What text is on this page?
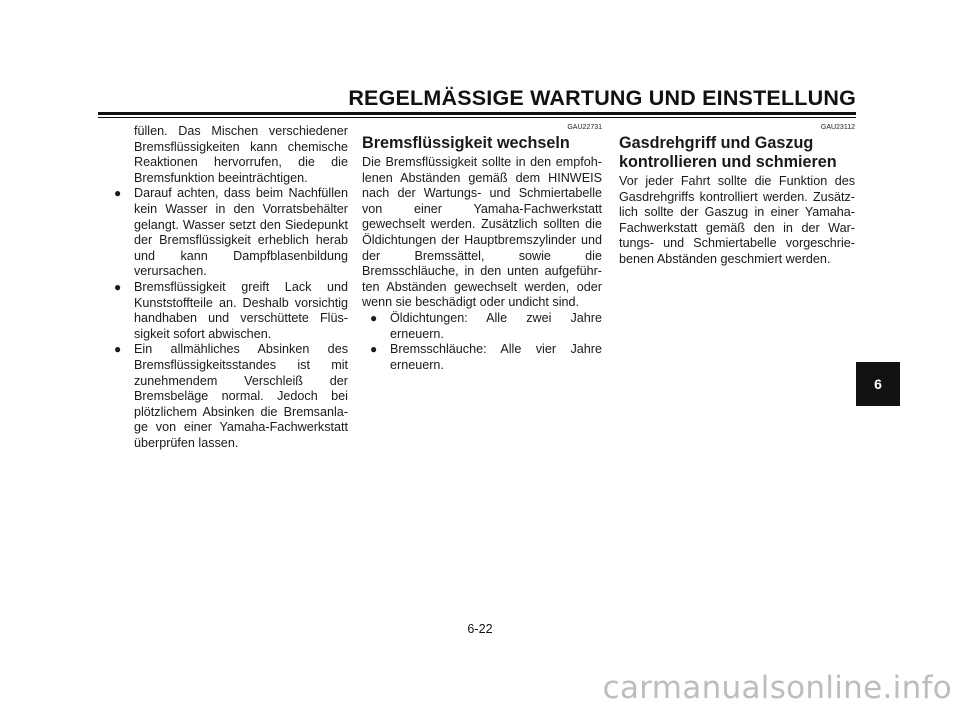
REGELMÄSSIGE WARTUNG UND EINSTELLUNG

füllen. Das Mischen verschiedener Bremsflüssigkeiten kann chemische Reaktionen hervorrufen, die die Bremsfunktion beeinträchtigen.

● Darauf achten, dass beim Nachfüllen kein Wasser in den Vorratsbehälter gelangt. Wasser setzt den Siedepunkt der Bremsflüssigkeit erheblich herab und kann Dampfblasenbildung verursachen.
● Bremsflüssigkeit greift Lack und Kunststoffteile an. Deshalb vorsichtig handhaben und verschüttete Flüssigkeit sofort abwischen.
● Ein allmähliches Absinken des Bremsflüssigkeitsstandes ist mit zunehmendem Verschleiß der Bremsbeläge normal. Jedoch bei plötzlichem Absinken die Bremsanlage von einer Yamaha-Fachwerkstatt überprüfen lassen.
GAU22731
Bremsflüssigkeit wechseln

Die Bremsflüssigkeit sollte in den empfohlenen Abständen gemäß dem HINWEIS nach der Wartungs- und Schmiertabelle von einer Yamaha-Fachwerkstatt gewechselt werden. Zusätzlich sollten die Öldichtungen der Hauptbremszylinder und der Bremssättel, sowie die Bremsschläuche, in den unten aufgeführten Abständen gewechselt werden, oder wenn sie beschädigt oder undicht sind.

● Öldichtungen: Alle zwei Jahre erneuern.
● Bremsschläuche: Alle vier Jahre erneuern.
GAU23112
Gasdrehgriff und Gaszug kontrollieren und schmieren

Vor jeder Fahrt sollte die Funktion des Gasdrehgriffs kontrolliert werden. Zusätzlich sollte der Gaszug in einer Yamaha-Fachwerkstatt gemäß den in der Wartungs- und Schmiertabelle vorgeschriebenen Abständen geschmiert werden.

6
6-22
carmanualsonline.info
